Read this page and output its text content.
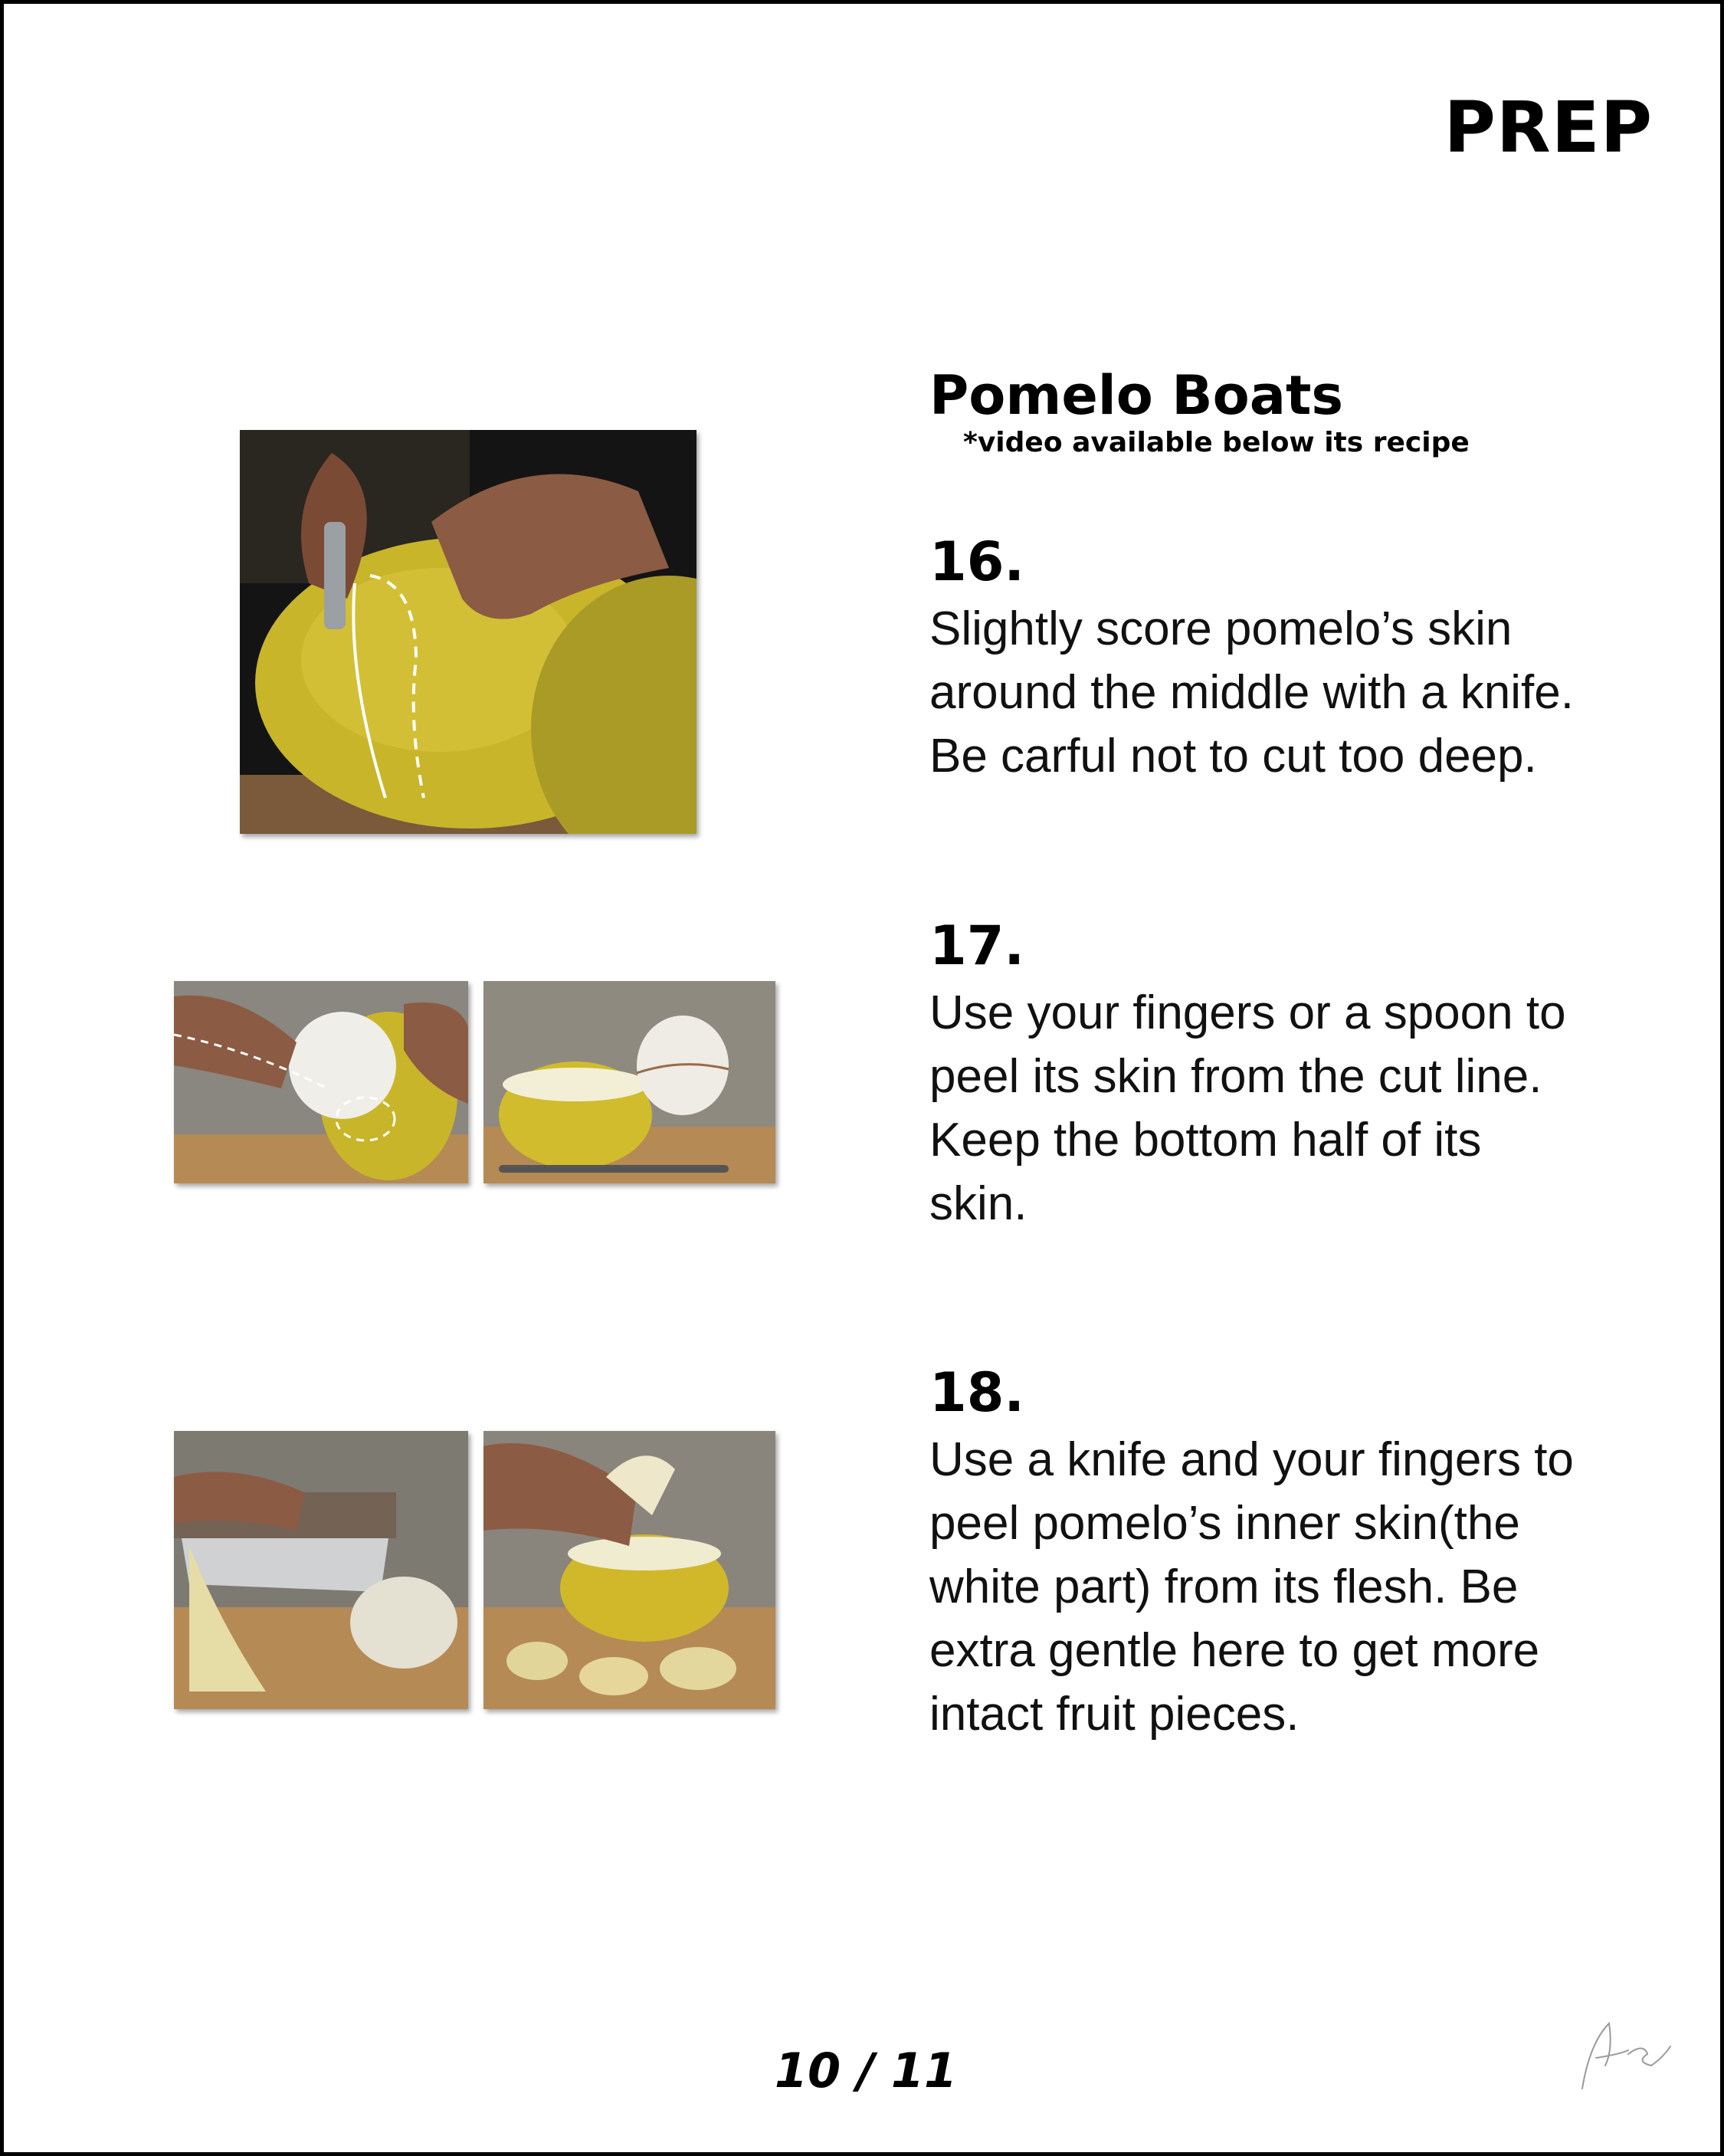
PREP
Pomelo Boats

*video available below its recipe

16.

Slightly score pomelo’s skin
around the middle with a knife.
Be carful not to cut too deep.

17.

Use your fingers or a spoon to
peel its skin from the cut line.
Keep the bottom half of its
skin.

18.

Use a knife and your fingers to
peel pomelo’s inner skin(the
white part) from its flesh. Be
extra gentle here to get more
intact fruit pieces.

10 / 11
